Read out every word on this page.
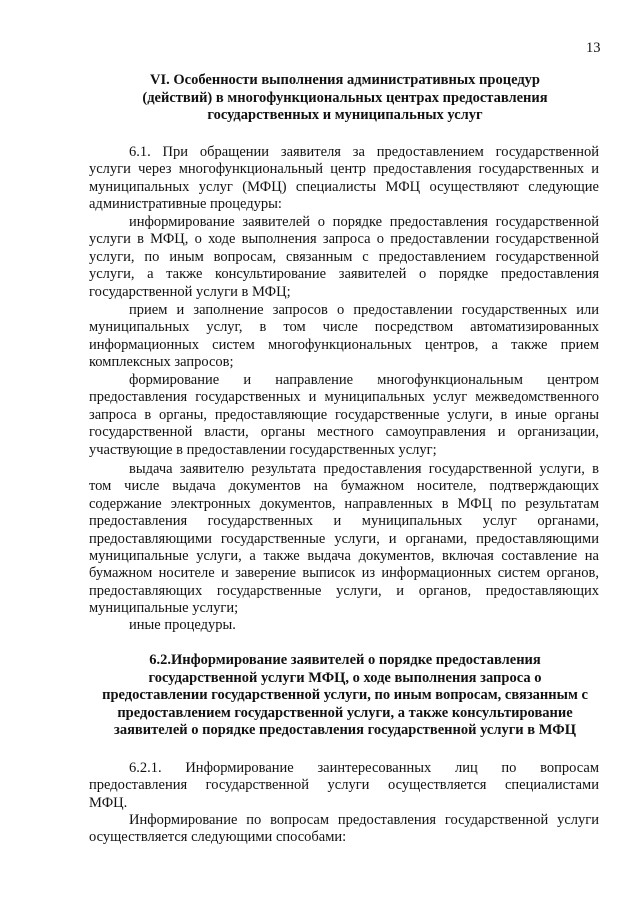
13
VI. Особенности выполнения административных процедур
(действий) в многофункциональных центрах предоставления
государственных и муниципальных услуг
6.1. При обращении заявителя за предоставлением государственной
услуги через многофункциональный центр предоставления государственных и
муниципальных услуг (МФЦ) специалисты МФЦ осуществляют следующие
административные процедуры:
информирование заявителей о порядке предоставления государственной
услуги в МФЦ, о ходе выполнения запроса о предоставлении государственной
услуги, по иным вопросам, связанным с предоставлением государственной
услуги, а также консультирование заявителей о порядке предоставления
государственной услуги в МФЦ;
прием и заполнение запросов о предоставлении государственных или
муниципальных услуг, в том числе посредством автоматизированных
информационных систем многофункциональных центров, а также прием
комплексных запросов;
формирование и направление многофункциональным центром
предоставления государственных и муниципальных услуг межведомственного
запроса в органы, предоставляющие государственные услуги, в иные органы
государственной власти, органы местного самоуправления и организации,
участвующие в предоставлении государственных услуг;
выдача заявителю результата предоставления государственной услуги, в
том числе выдача документов на бумажном носителе, подтверждающих
содержание электронных документов, направленных в МФЦ по результатам
предоставления государственных и муниципальных услуг органами,
предоставляющими государственные услуги, и органами, предоставляющими
муниципальные услуги, а также выдача документов, включая составление на
бумажном носителе и заверение выписок из информационных систем органов,
предоставляющих государственные услуги, и органов, предоставляющих
муниципальные услуги;
иные процедуры.
6.2.Информирование заявителей о порядке предоставления
государственной услуги МФЦ, о ходе выполнения запроса о
предоставлении государственной услуги, по иным вопросам, связанным с
предоставлением государственной услуги, а также консультирование
заявителей о порядке предоставления государственной услуги в МФЦ
6.2.1. Информирование заинтересованных лиц по вопросам
предоставления государственной услуги осуществляется специалистами
МФЦ.
Информирование по вопросам предоставления государственной услуги
осуществляется следующими способами:
